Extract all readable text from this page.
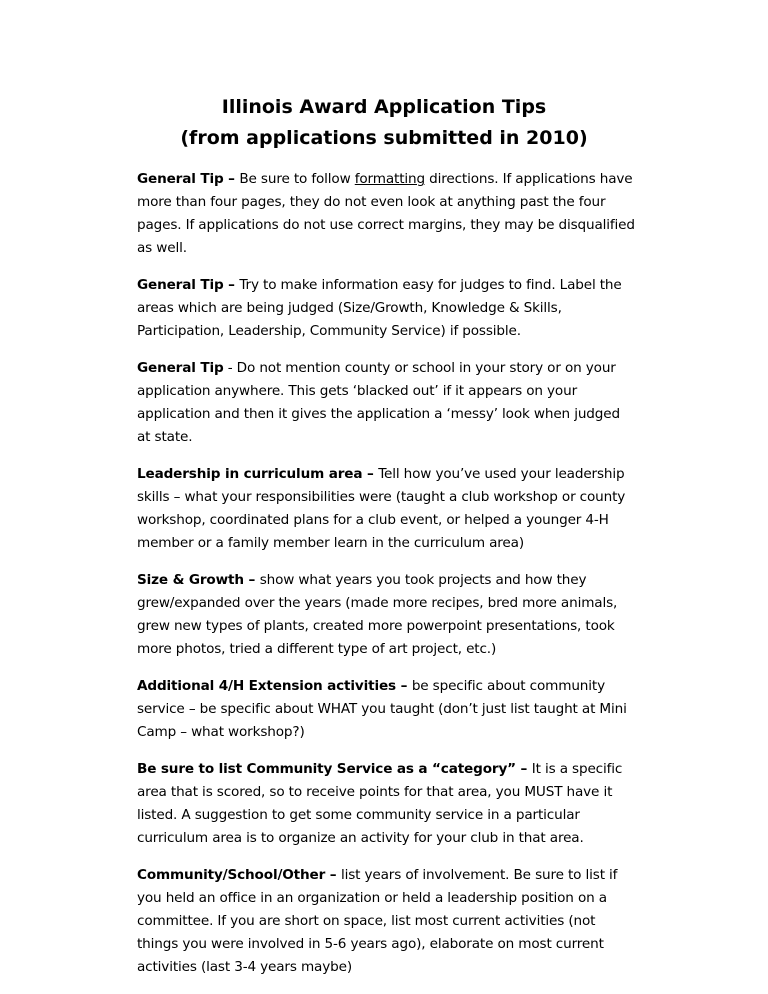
Illinois Award Application Tips
(from applications submitted in 2010)

General Tip – Be sure to follow formatting directions. If applications have more than four pages, they do not even look at anything past the four pages. If applications do not use correct margins, they may be disqualified as well.

General Tip – Try to make information easy for judges to find. Label the areas which are being judged (Size/Growth, Knowledge & Skills, Participation, Leadership, Community Service) if possible.

General Tip - Do not mention county or school in your story or on your application anywhere. This gets ‘blacked out’ if it appears on your application and then it gives the application a ‘messy’ look when judged at state.

Leadership in curriculum area – Tell how you’ve used your leadership skills – what your responsibilities were (taught a club workshop or county workshop, coordinated plans for a club event, or helped a younger 4-H member or a family member learn in the curriculum area)

Size & Growth – show what years you took projects and how they grew/expanded over the years (made more recipes, bred more animals, grew new types of plants, created more powerpoint presentations, took more photos, tried a different type of art project, etc.)

Additional 4/H Extension activities – be specific about community service – be specific about WHAT you taught (don’t just list taught at Mini Camp – what workshop?)

Be sure to list Community Service as a “category” – It is a specific area that is scored, so to receive points for that area, you MUST have it listed. A suggestion to get some community service in a particular curriculum area is to organize an activity for your club in that area.

Community/School/Other – list years of involvement. Be sure to list if you held an office in an organization or held a leadership position on a committee. If you are short on space, list most current activities (not things you were involved in 5-6 years ago), elaborate on most current activities (last 3-4 years maybe)
